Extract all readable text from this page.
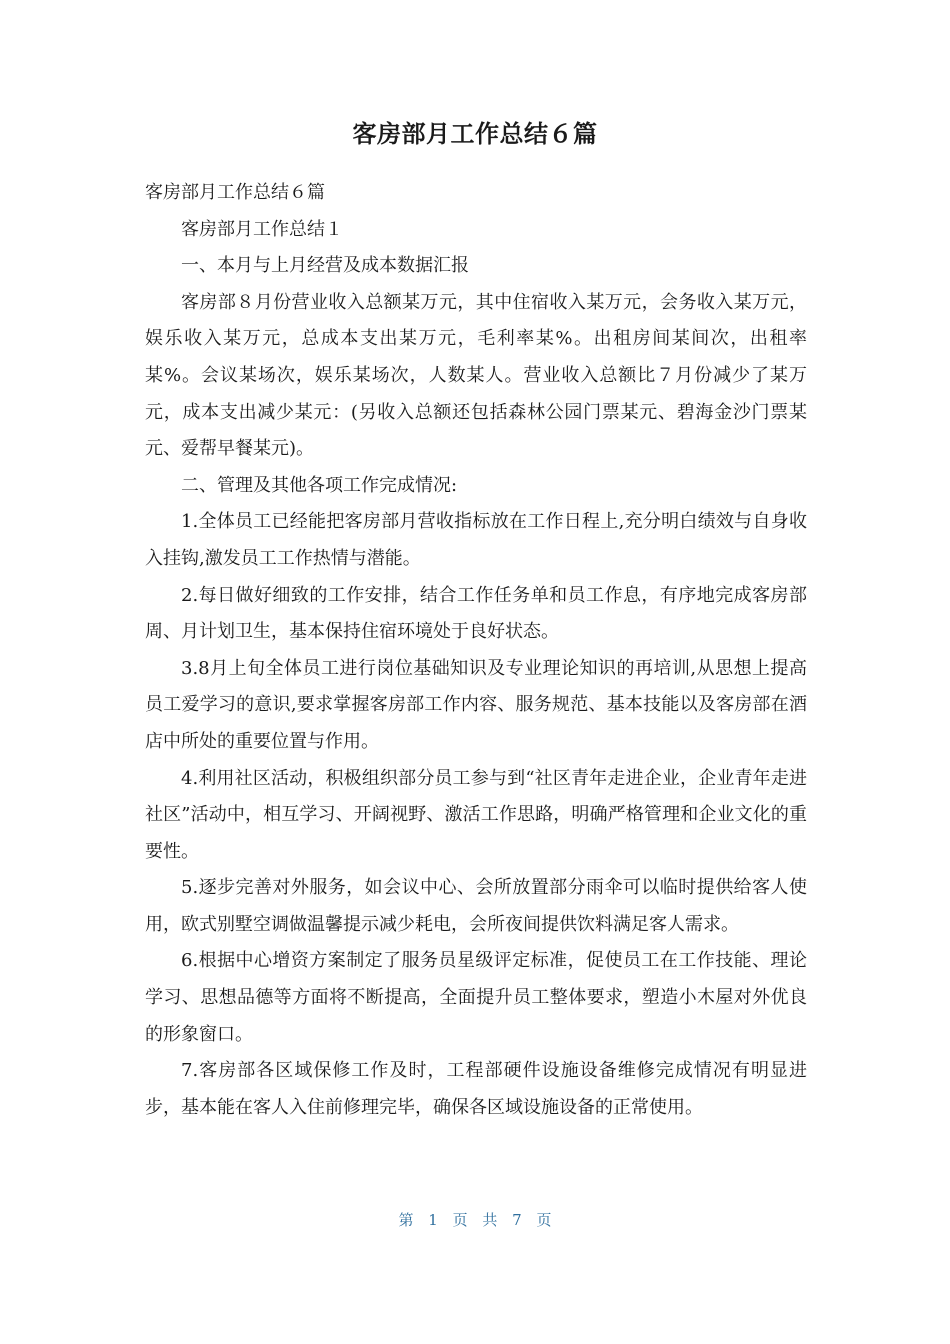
客房部月工作总结６篇

客房部月工作总结６篇

客房部月工作总结１

一、本月与上月经营及成本数据汇报

客房部８月份营业收入总额某万元，其中住宿收入某万元，会务收入某万元，娱乐收入某万元，总成本支出某万元，毛利率某%。出租房间某间次，出租率某%。会议某场次，娱乐某场次，人数某人。营业收入总额比７月份减少了某万元，成本支出减少某元：(另收入总额还包括森林公园门票某元、碧海金沙门票某元、爱帮早餐某元)。

二、管理及其他各项工作完成情况:

1.全体员工已经能把客房部月营收指标放在工作日程上,充分明白绩效与自身收入挂钩,激发员工工作热情与潜能。

2.每日做好细致的工作安排，结合工作任务单和员工作息，有序地完成客房部周、月计划卫生，基本保持住宿环境处于良好状态。

3.8月上旬全体员工进行岗位基础知识及专业理论知识的再培训,从思想上提高员工爱学习的意识,要求掌握客房部工作内容、服务规范、基本技能以及客房部在酒店中所处的重要位置与作用。

4.利用社区活动，积极组织部分员工参与到“社区青年走进企业，企业青年走进社区”活动中，相互学习、开阔视野、激活工作思路，明确严格管理和企业文化的重要性。

5.逐步完善对外服务，如会议中心、会所放置部分雨伞可以临时提供给客人使用，欧式别墅空调做温馨提示减少耗电，会所夜间提供饮料满足客人需求。

6.根据中心增资方案制定了服务员星级评定标准，促使员工在工作技能、理论学习、思想品德等方面将不断提高，全面提升员工整体要求，塑造小木屋对外优良的形象窗口。

7.客房部各区域保修工作及时，工程部硬件设施设备维修完成情况有明显进步，基本能在客人入住前修理完毕，确保各区域设施设备的正常使用。

第 1 页 共 7 页
